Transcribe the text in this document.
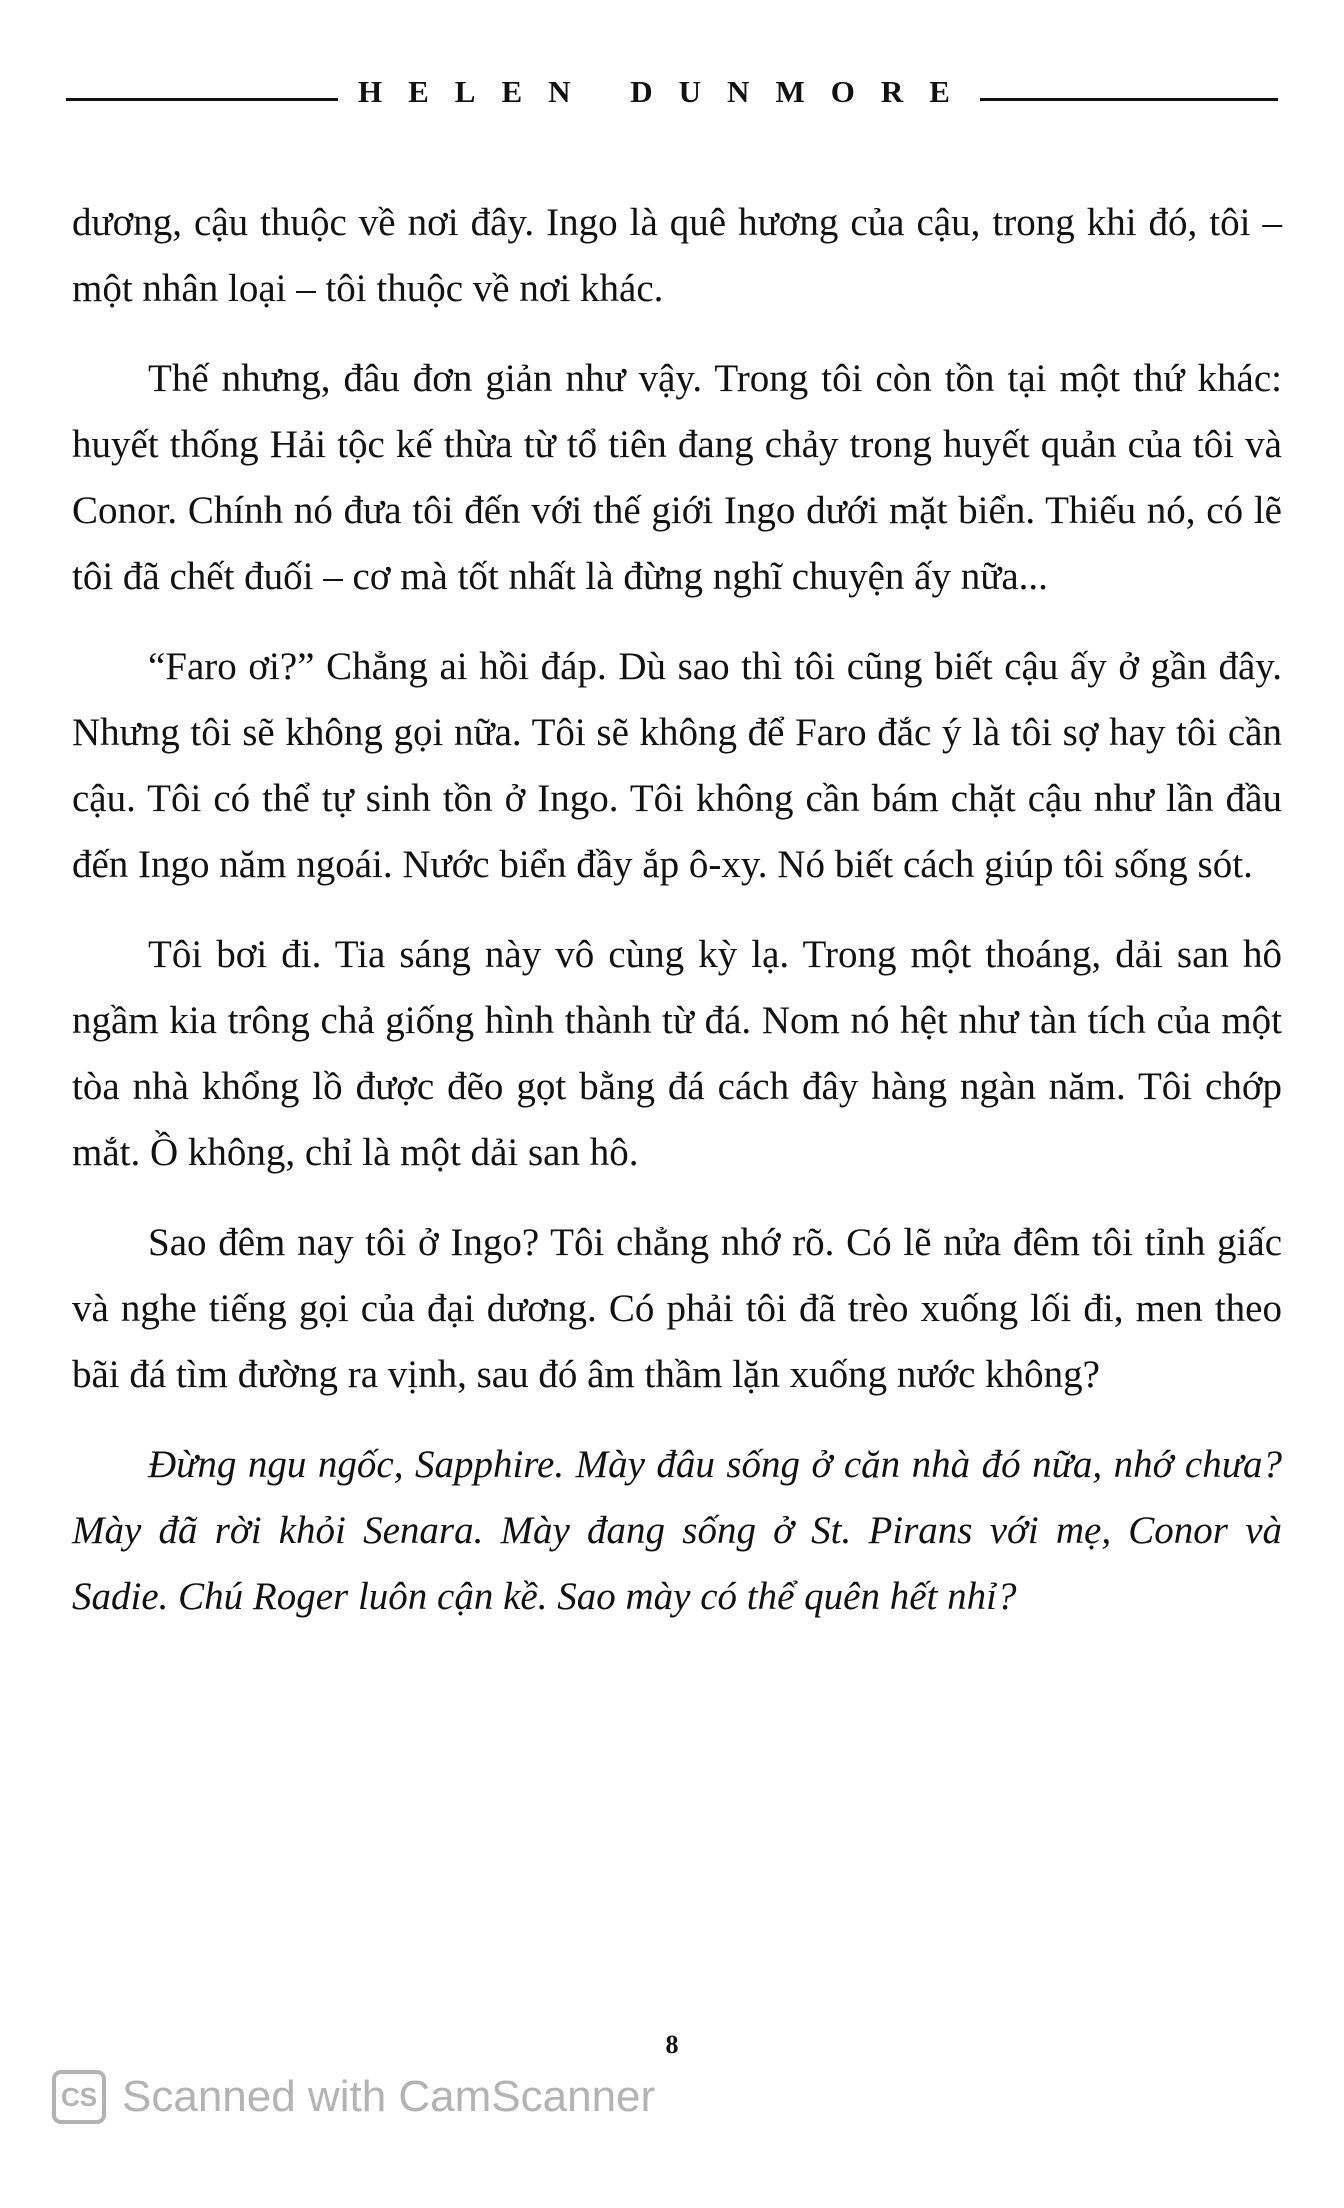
HELEN DUNMORE

dương, cậu thuộc về nơi đây. Ingo là quê hương của cậu, trong khi đó, tôi – một nhân loại – tôi thuộc về nơi khác.

Thế nhưng, đâu đơn giản như vậy. Trong tôi còn tồn tại một thứ khác: huyết thống Hải tộc kế thừa từ tổ tiên đang chảy trong huyết quản của tôi và Conor. Chính nó đưa tôi đến với thế giới Ingo dưới mặt biển. Thiếu nó, có lẽ tôi đã chết đuối – cơ mà tốt nhất là đừng nghĩ chuyện ấy nữa...

“Faro ơi?” Chẳng ai hồi đáp. Dù sao thì tôi cũng biết cậu ấy ở gần đây. Nhưng tôi sẽ không gọi nữa. Tôi sẽ không để Faro đắc ý là tôi sợ hay tôi cần cậu. Tôi có thể tự sinh tồn ở Ingo. Tôi không cần bám chặt cậu như lần đầu đến Ingo năm ngoái. Nước biển đầy ắp ô-xy. Nó biết cách giúp tôi sống sót.

Tôi bơi đi. Tia sáng này vô cùng kỳ lạ. Trong một thoáng, dải san hô ngầm kia trông chả giống hình thành từ đá. Nom nó hệt như tàn tích của một tòa nhà khổng lồ được đẽo gọt bằng đá cách đây hàng ngàn năm. Tôi chớp mắt. Ồ không, chỉ là một dải san hô.

Sao đêm nay tôi ở Ingo? Tôi chẳng nhớ rõ. Có lẽ nửa đêm tôi tỉnh giấc và nghe tiếng gọi của đại dương. Có phải tôi đã trèo xuống lối đi, men theo bãi đá tìm đường ra vịnh, sau đó âm thầm lặn xuống nước không?

Đừng ngu ngốc, Sapphire. Mày đâu sống ở căn nhà đó nữa, nhớ chưa? Mày đã rời khỏi Senara. Mày đang sống ở St. Pirans với mẹ, Conor và Sadie. Chú Roger luôn cận kề. Sao mày có thể quên hết nhỉ?

8
CS Scanned with CamScanner
